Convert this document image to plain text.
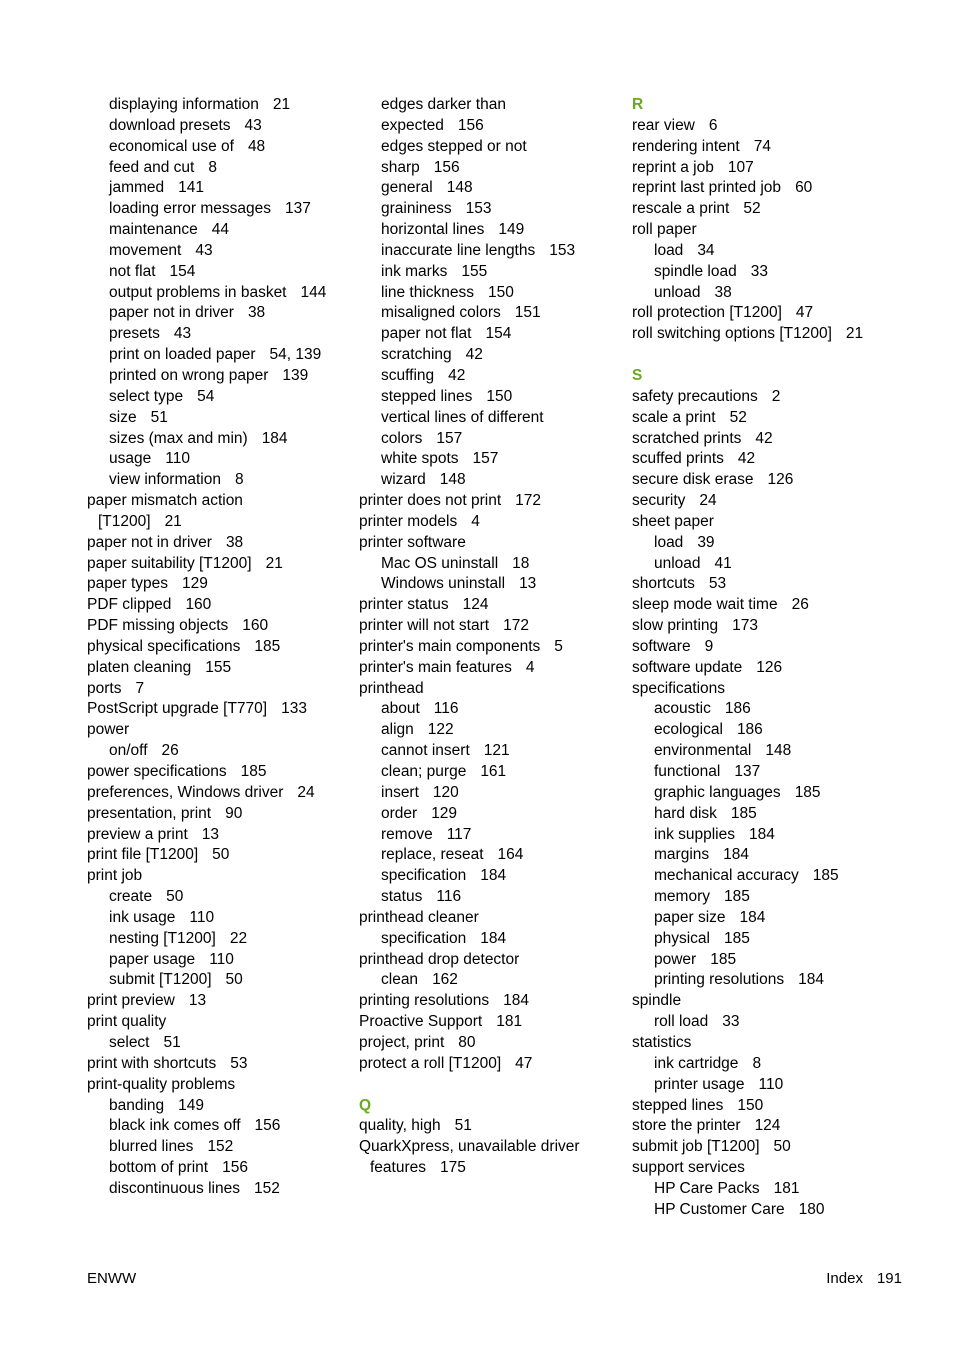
displaying information 21
download presets 43
economical use of 48
feed and cut 8
jammed 141
loading error messages 137
maintenance 44
movement 43
not flat 154
output problems in basket 144
paper not in driver 38
presets 43
print on loaded paper 54, 139
printed on wrong paper 139
select type 54
size 51
sizes (max and min) 184
usage 110
view information 8
paper mismatch action
[T1200] 21
paper not in driver 38
paper suitability [T1200] 21
paper types 129
PDF clipped 160
PDF missing objects 160
physical specifications 185
platen cleaning 155
ports 7
PostScript upgrade [T770] 133
power
on/off 26
power specifications 185
preferences, Windows driver 24
presentation, print 90
preview a print 13
print file [T1200] 50
print job
create 50
ink usage 110
nesting [T1200] 22
paper usage 110
submit [T1200] 50
print preview 13
print quality
select 51
print with shortcuts 53
print-quality problems
banding 149
black ink comes off 156
blurred lines 152
bottom of print 156
discontinuous lines 152
edges darker than
expected 156
edges stepped or not
sharp 156
general 148
graininess 153
horizontal lines 149
inaccurate line lengths 153
ink marks 155
line thickness 150
misaligned colors 151
paper not flat 154
scratching 42
scuffing 42
stepped lines 150
vertical lines of different
colors 157
white spots 157
wizard 148
printer does not print 172
printer models 4
printer software
Mac OS uninstall 18
Windows uninstall 13
printer status 124
printer will not start 172
printer's main components 5
printer's main features 4
printhead
about 116
align 122
cannot insert 121
clean; purge 161
insert 120
order 129
remove 117
replace, reseat 164
specification 184
status 116
printhead cleaner
specification 184
printhead drop detector
clean 162
printing resolutions 184
Proactive Support 181
project, print 80
protect a roll [T1200] 47
Q
quality, high 51
QuarkXpress, unavailable driver
features 175
R
rear view 6
rendering intent 74
reprint a job 107
reprint last printed job 60
rescale a print 52
roll paper
load 34
spindle load 33
unload 38
roll protection [T1200] 47
roll switching options [T1200] 21
S
safety precautions 2
scale a print 52
scratched prints 42
scuffed prints 42
secure disk erase 126
security 24
sheet paper
load 39
unload 41
shortcuts 53
sleep mode wait time 26
slow printing 173
software 9
software update 126
specifications
acoustic 186
ecological 186
environmental 148
functional 137
graphic languages 185
hard disk 185
ink supplies 184
margins 184
mechanical accuracy 185
memory 185
paper size 184
physical 185
power 185
printing resolutions 184
spindle
roll load 33
statistics
ink cartridge 8
printer usage 110
stepped lines 150
store the printer 124
submit job [T1200] 50
support services
HP Care Packs 181
HP Customer Care 180
ENWW	Index 191
